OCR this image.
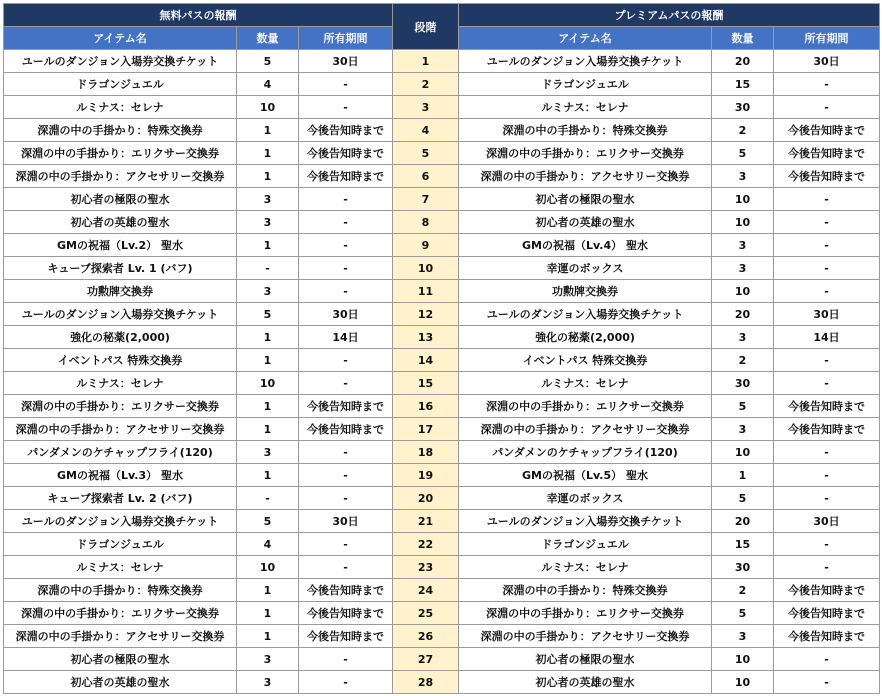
無料パスの報酬			段階	プレミアムパスの報酬		
アイテム名	数量	所有期間		アイテム名	数量	所有期間
ユールのダンジョン入場券交換チケット	5	30日	1	ユールのダンジョン入場券交換チケット	20	30日
ドラゴンジュエル	4	-	2	ドラゴンジュエル	15	-
ルミナス：セレナ	10	-	3	ルミナス：セレナ	30	-
深淵の中の手掛かり：特殊交換券	1	今後告知時まで	4	深淵の中の手掛かり：特殊交換券	2	今後告知時まで
深淵の中の手掛かり：エリクサー交換券	1	今後告知時まで	5	深淵の中の手掛かり：エリクサー交換券	5	今後告知時まで
深淵の中の手掛かり：アクセサリー交換券	1	今後告知時まで	6	深淵の中の手掛かり：アクセサリー交換券	3	今後告知時まで
初心者の極限の聖水	3	-	7	初心者の極限の聖水	10	-
初心者の英雄の聖水	3	-	8	初心者の英雄の聖水	10	-
GMの祝福（Lv.2） 聖水	1	-	9	GMの祝福（Lv.4） 聖水	3	-
キューブ探索者 Lv. 1 (バフ)	-	-	10	幸運のボックス	3	-
功勲牌交換券	3	-	11	功勲牌交換券	10	-
ユールのダンジョン入場券交換チケット	5	30日	12	ユールのダンジョン入場券交換チケット	20	30日
強化の秘薬(2,000)	1	14日	13	強化の秘薬(2,000)	3	14日
イベントパス 特殊交換券	1	-	14	イベントパス 特殊交換券	2	-
ルミナス：セレナ	10	-	15	ルミナス：セレナ	30	-
深淵の中の手掛かり：エリクサー交換券	1	今後告知時まで	16	深淵の中の手掛かり：エリクサー交換券	5	今後告知時まで
深淵の中の手掛かり：アクセサリー交換券	1	今後告知時まで	17	深淵の中の手掛かり：アクセサリー交換券	3	今後告知時まで
パンダメンのケチャップフライ(120)	3	-	18	パンダメンのケチャップフライ(120)	10	-
GMの祝福（Lv.3） 聖水	1	-	19	GMの祝福（Lv.5） 聖水	1	-
キューブ探索者 Lv. 2 (バフ)	-	-	20	幸運のボックス	5	-
ユールのダンジョン入場券交換チケット	5	30日	21	ユールのダンジョン入場券交換チケット	20	30日
ドラゴンジュエル	4	-	22	ドラゴンジュエル	15	-
ルミナス：セレナ	10	-	23	ルミナス：セレナ	30	-
深淵の中の手掛かり：特殊交換券	1	今後告知時まで	24	深淵の中の手掛かり：特殊交換券	2	今後告知時まで
深淵の中の手掛かり：エリクサー交換券	1	今後告知時まで	25	深淵の中の手掛かり：エリクサー交換券	5	今後告知時まで
深淵の中の手掛かり：アクセサリー交換券	1	今後告知時まで	26	深淵の中の手掛かり：アクセサリー交換券	3	今後告知時まで
初心者の極限の聖水	3	-	27	初心者の極限の聖水	10	-
初心者の英雄の聖水	3	-	28	初心者の英雄の聖水	10	-
